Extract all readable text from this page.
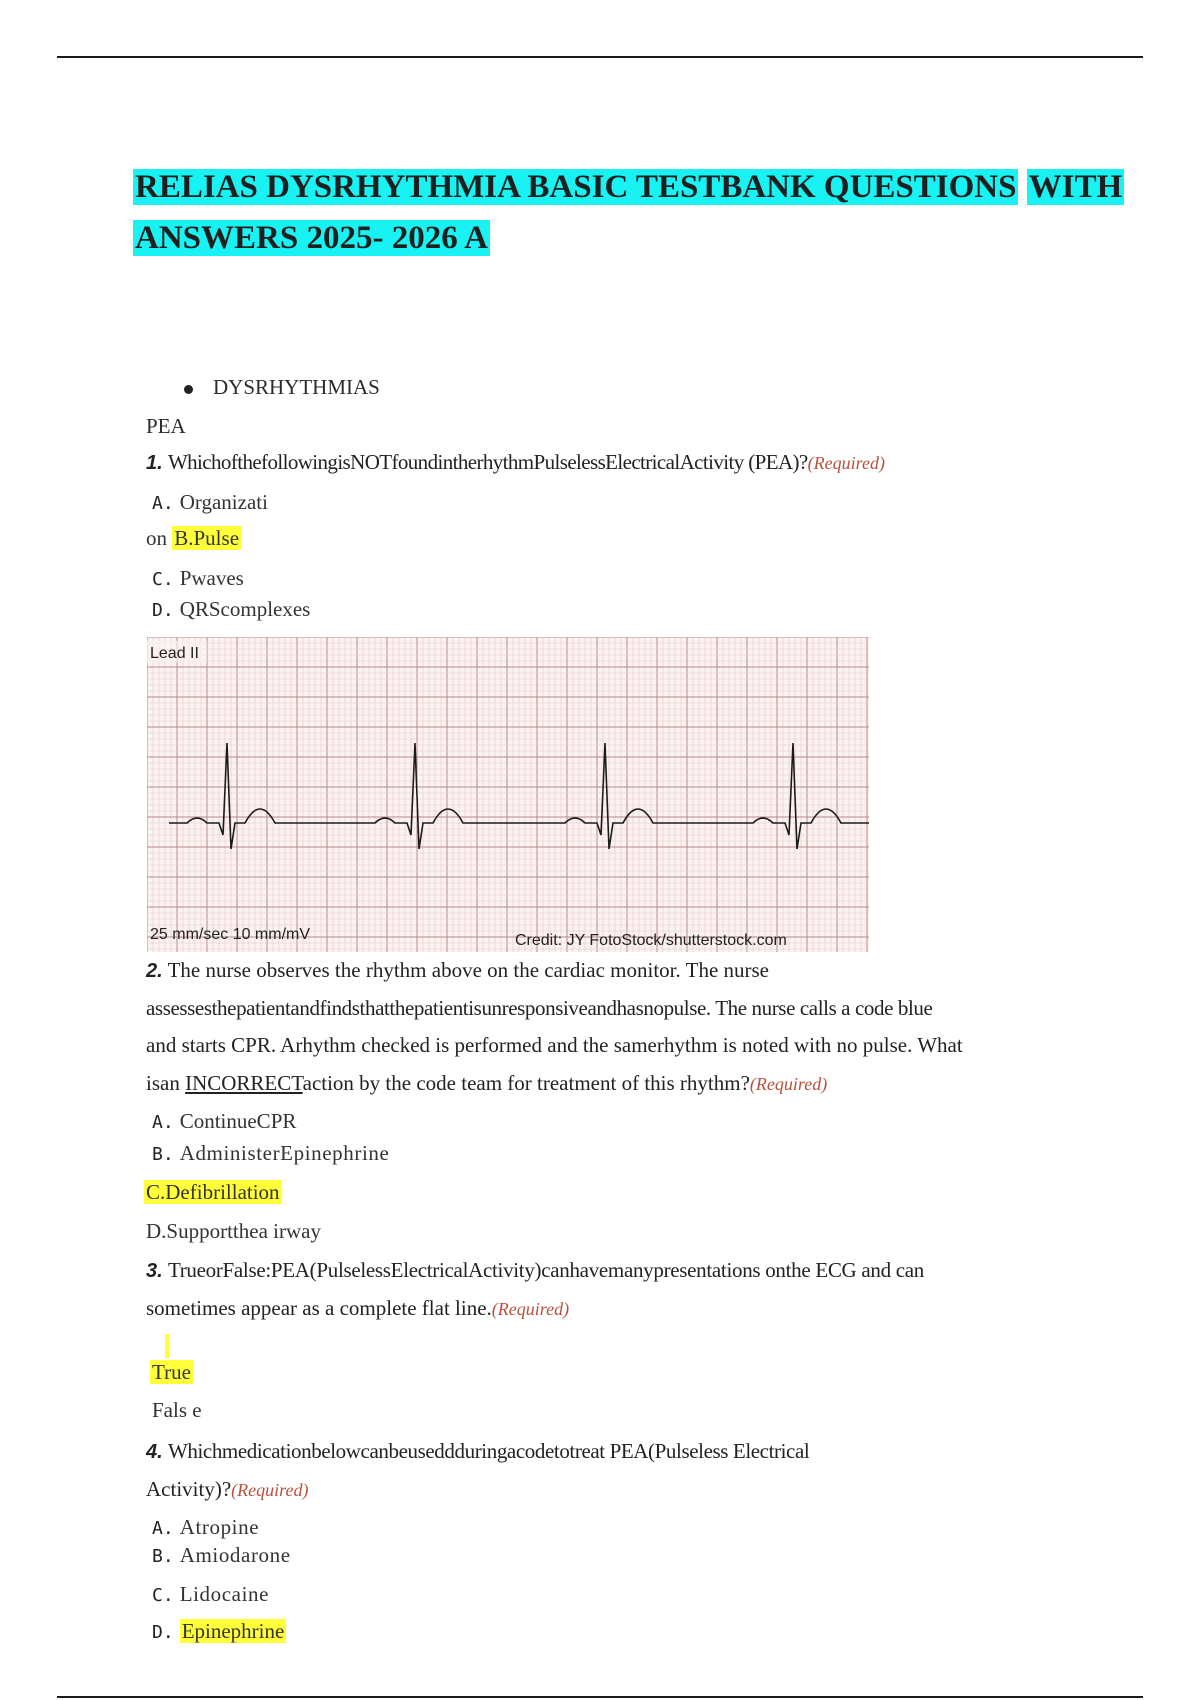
RELIAS DYSRHYTHMIA BASIC TESTBANK QUESTIONS WITH
ANSWERS 2025- 2026 A
DYSRHYTHMIAS
PEA
1. WhichofthefollowingisNOTfoundintherhythmPulselessElectricalActivity (PEA)?(Required)
A. Organizati
on B.Pulse
C. Pwaves
D. QRScomplexes
Lead II
25 mm/sec 10 mm/mV	Credit: JY FotoStock/shutterstock.com
2. The nurse observes the rhythm above on the cardiac monitor. The nurse
assessesthepatientandfindsthatthepatientisunresponsiveandhasnopulse. The nurse calls a code blue
and starts CPR. Arhythm checked is performed and the samerhythm is noted with no pulse. What
isan INCORRECTaction by the code team for treatment of this rhythm?(Required)
A. ContinueCPR
B. AdministerEpinephrine
C.Defibrillation
D.Supportthea irway
3. TrueorFalse:PEA(PulselessElectricalActivity)canhavemanypresentations onthe ECG and can
sometimes appear as a complete flat line.(Required)
True
Fals e
4. Whichmedicationbelowcanbeuseddduringacodetotreat PEA(Pulseless Electrical
Activity)?(Required)
A. Atropine
B. Amiodarone
C. Lidocaine
D. Epinephrine
